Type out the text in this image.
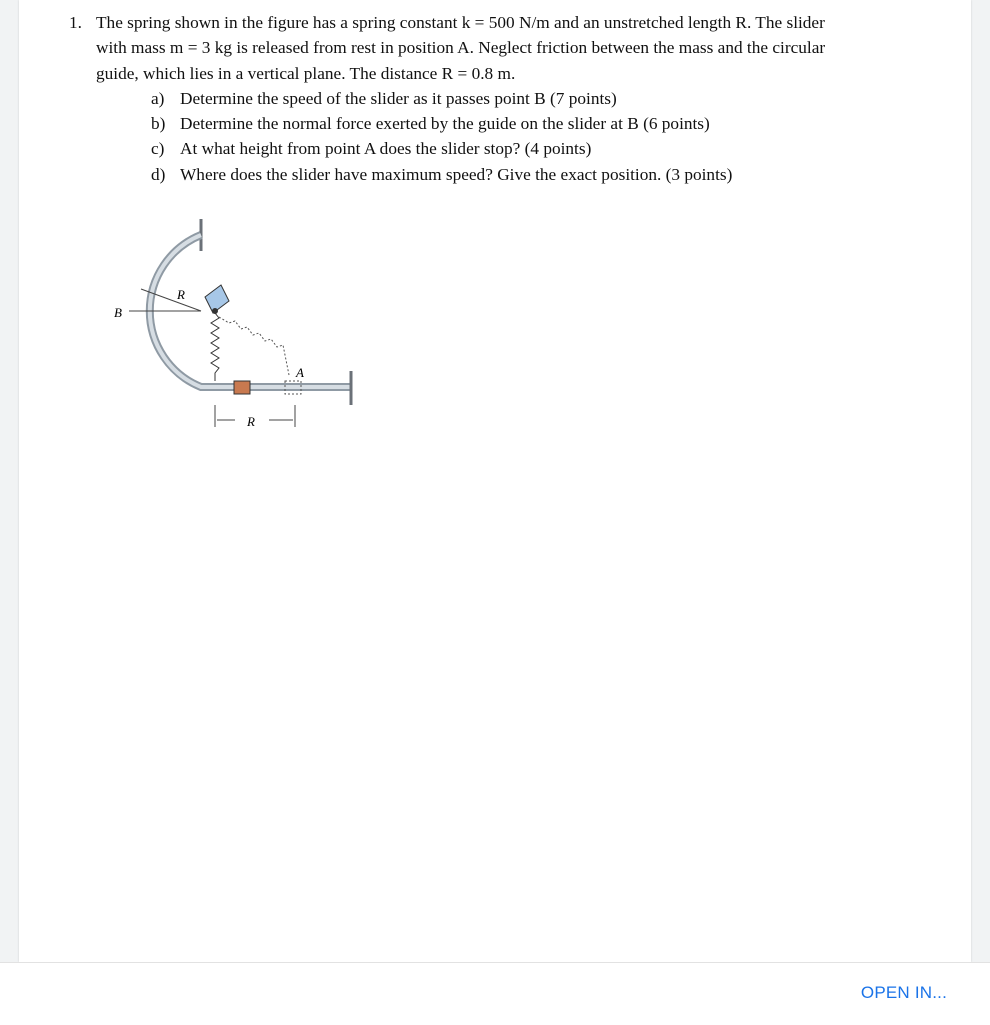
1. The spring shown in the figure has a spring constant k = 500 N/m and an unstretched length R. The slider
with mass m = 3 kg is released from rest in position A. Neglect friction between the mass and the circular
guide, which lies in a vertical plane. The distance R = 0.8 m.
a) Determine the speed of the slider as it passes point B (7 points)
b) Determine the normal force exerted by the guide on the slider at B (6 points)
c) At what height from point A does the slider stop? (4 points)
d) Where does the slider have maximum speed? Give the exact position. (3 points)
R
B
A
R
OPEN IN...
